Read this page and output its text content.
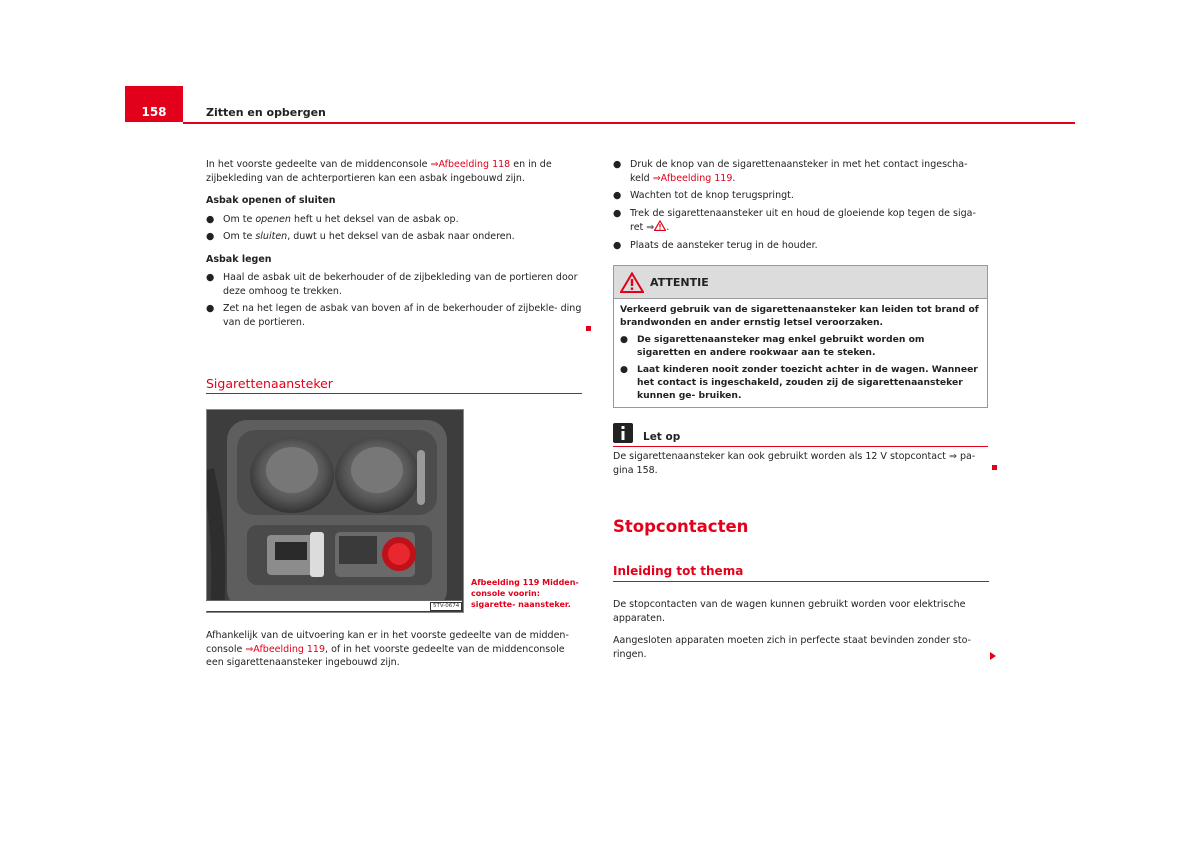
158	Zitten en opbergen

In het voorste gedeelte van de middenconsole ⇒Afbeelding 118 en in de zijbekleding van de achterportieren kan een asbak ingebouwd zijn.

Asbak openen of sluiten
● Om te openen heft u het deksel van de asbak op.
● Om te sluiten, duwt u het deksel van de asbak naar onderen.
Asbak legen
● Haal de asbak uit de bekerhouder of de zijbekleding van de portieren door deze omhoog te trekken.
● Zet na het legen de asbak van boven af in de bekerhouder of zijbekle- ding van de portieren.
Sigarettenaansteker
5TV-0674
Afbeelding 119 Midden- console voorin: sigarette- naansteker.

Afhankelijk van de uitvoering kan er in het voorste gedeelte van de midden- console ⇒Afbeelding 119, of in het voorste gedeelte van de middenconsole een sigarettenaansteker ingebouwd zijn.

● Druk de knop van de sigarettenaansteker in met het contact ingescha- keld ⇒Afbeelding 119.
● Wachten tot de knop terugspringt.
● Trek de sigarettenaansteker uit en houd de gloeiende kop tegen de siga- ret ⇒ .
● Plaats de aansteker terug in de houder.
ATTENTIE

Verkeerd gebruik van de sigarettenaansteker kan leiden tot brand of brandwonden en ander ernstig letsel veroorzaken.

● De sigarettenaansteker mag enkel gebruikt worden om sigaretten en andere rookwaar aan te steken.
● Laat kinderen nooit zonder toezicht achter in de wagen. Wanneer het contact is ingeschakeld, zouden zij de sigarettenaansteker kunnen ge- bruiken.
Let op

De sigarettenaansteker kan ook gebruikt worden als 12 V stopcontact ⇒ pa- gina 158.

Stopcontacten
Inleiding tot thema

De stopcontacten van de wagen kunnen gebruikt worden voor elektrische apparaten.

Aangesloten apparaten moeten zich in perfecte staat bevinden zonder sto- ringen.
